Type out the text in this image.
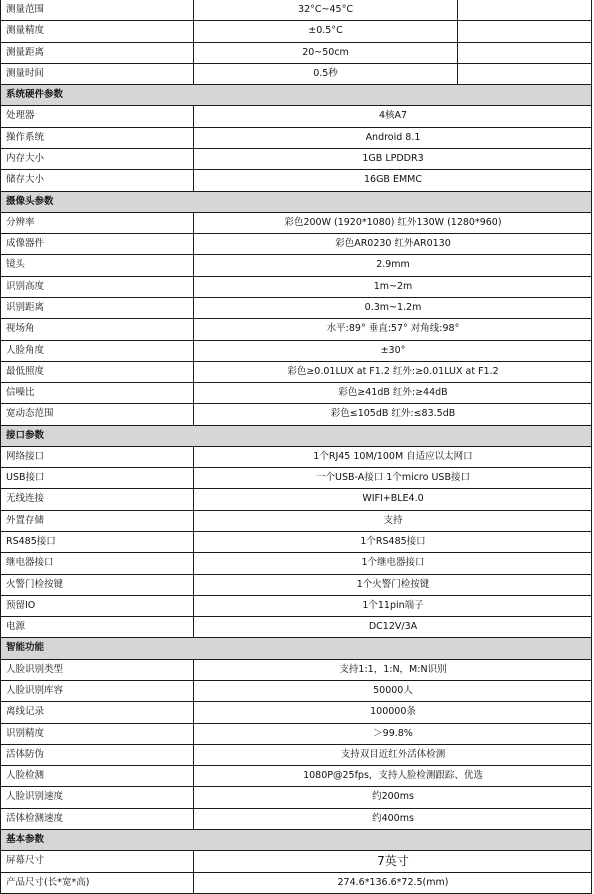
测量范围	32°C~45°C
测量精度	±0.5°C
测量距离	20~50cm
测量时间	0.5秒
系统硬件参数
处理器	4核A7
操作系统	Android 8.1
内存大小	1GB LPDDR3
储存大小	16GB EMMC
摄像头参数
分辨率	彩色200W (1920*1080) 红外130W (1280*960)
成像器件	彩色AR0230 红外AR0130
镜头	2.9mm
识别高度	1m~2m
识别距离	0.3m~1.2m
视场角	水平:89° 垂直:57° 对角线:98°
人脸角度	±30°
最低照度	彩色≥0.01LUX at F1.2 红外:≥0.01LUX at F1.2
信噪比	彩色≥41dB 红外:≥44dB
宽动态范围	彩色≤105dB 红外:≤83.5dB
接口参数
网络接口	1个RJ45 10M/100M 自适应以太网口
USB接口	一个USB-A接口 1个micro USB接口
无线连接	WIFI+BLE4.0
外置存储	支持
RS485接口	1个RS485接口
继电器接口	1个继电器接口
火警门检按键	1个火警门检按键
预留IO	1个11pin端子
电源	DC12V/3A
智能功能
人脸识别类型	支持1:1，1:N，M:N识别
人脸识别库容	50000人
离线记录	100000条
识别精度	＞99.8%
活体防伪	支持双目近红外活体检测
人脸检测	1080P@25fps，支持人脸检测跟踪、优选
人脸识别速度	约200ms
活体检测速度	约400ms
基本参数
屏幕尺寸	7英寸
产品尺寸(长*宽*高)	274.6*136.6*72.5(mm)
